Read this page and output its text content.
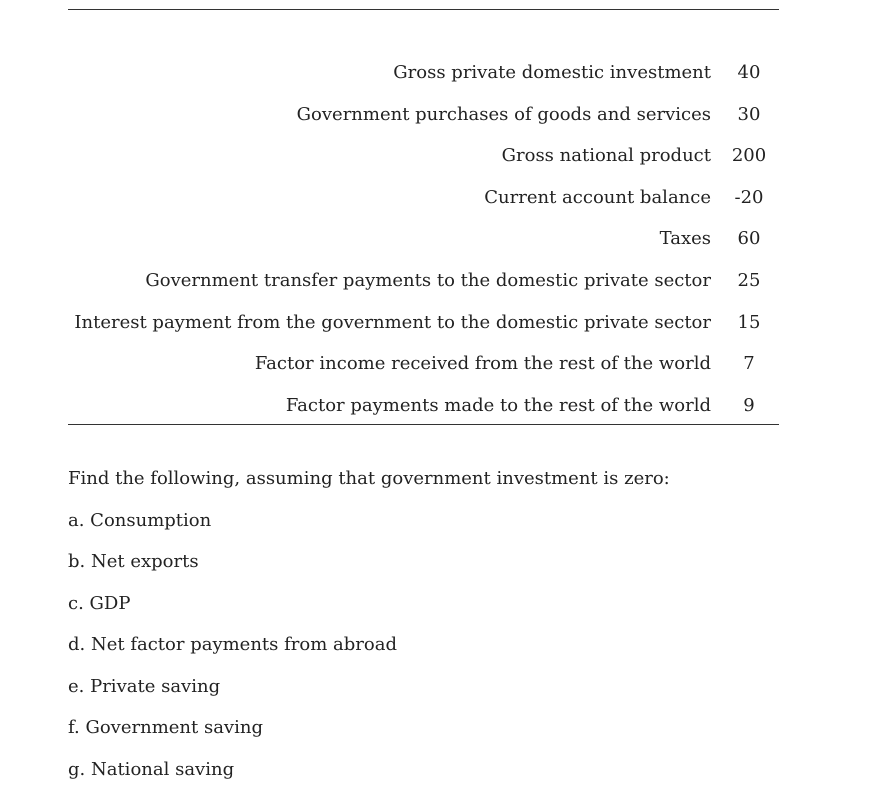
Gross private domestic investment	40
Government purchases of goods and services	30
Gross national product	200
Current account balance	-20
Taxes	60
Government transfer payments to the domestic private sector	25
Interest payment from the government to the domestic private sector	15
Factor income received from the rest of the world	7
Factor payments made to the rest of the world	9
Find the following, assuming that government investment is zero:
a. Consumption
b. Net exports
c. GDP
d. Net factor payments from abroad
e. Private saving
f. Government saving
g. National saving
